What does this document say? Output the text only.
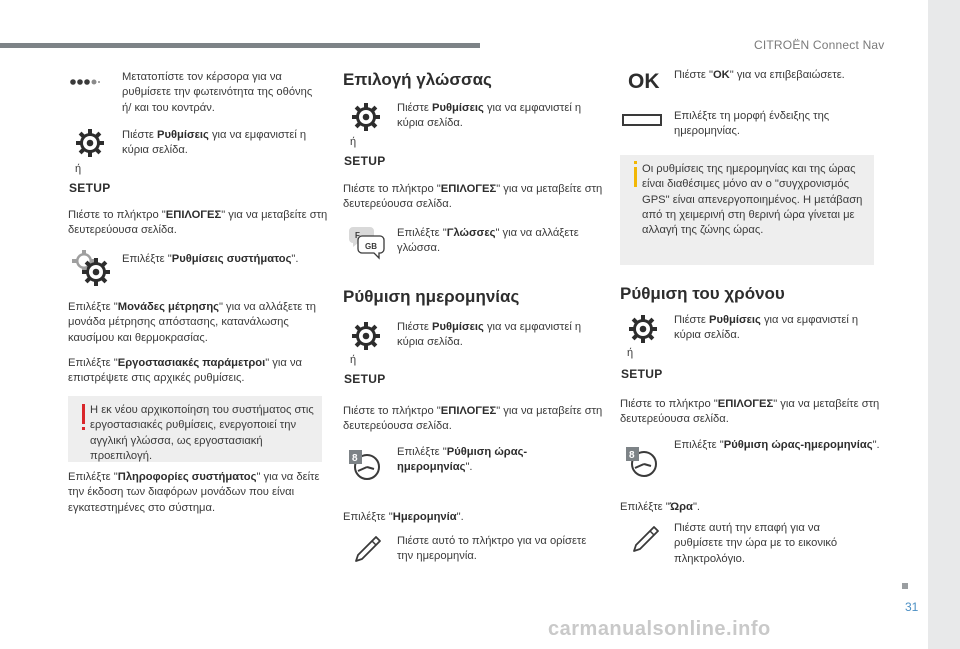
CITROËN Connect Nav
31
carmanualsonline.info
Μετατοπίστε τον κέρσορα για να ρυθμίσετε την φωτεινότητα της οθόνης ή/ και του κοντράν.
Πιέστε Ρυθμίσεις για να εμφανιστεί η κύρια σελίδα.
ή
SETUP
Πιέστε το πλήκτρο "ΕΠΙΛΟΓΕΣ" για να μεταβείτε στη δευτερεύουσα σελίδα.
Επιλέξτε "Ρυθμίσεις συστήματος".
Επιλέξτε "Μονάδες μέτρησης" για να αλλάξετε τη μονάδα μέτρησης απόστασης, κατανάλωσης καυσίμου και θερμοκρασίας.
Επιλέξτε "Εργοστασιακές παράμετροι" για να επιστρέψετε στις αρχικές ρυθμίσεις.
Η εκ νέου αρχικοποίηση του συστήματος στις εργοστασιακές ρυθμίσεις, ενεργοποιεί την αγγλική γλώσσα, ως εργοστασιακή προεπιλογή.
Επιλέξτε "Πληροφορίες συστήματος" για να δείτε την έκδοση των διαφόρων μονάδων που είναι εγκατεστημένες στο σύστημα.
Επιλογή γλώσσας
Πιέστε Ρυθμίσεις για να εμφανιστεί η κύρια σελίδα.
ή
SETUP
Πιέστε το πλήκτρο "ΕΠΙΛΟΓΕΣ" για να μεταβείτε στη δευτερεύουσα σελίδα.
F
GB
Επιλέξτε "Γλώσσες" για να αλλάξετε γλώσσα.
Ρύθμιση ημερομηνίας
Πιέστε Ρυθμίσεις για να εμφανιστεί η κύρια σελίδα.
ή
SETUP
Πιέστε το πλήκτρο "ΕΠΙΛΟΓΕΣ" για να μεταβείτε στη δευτερεύουσα σελίδα.
8
Επιλέξτε "Ρύθμιση ώρας-ημερομηνίας".
Επιλέξτε "Ημερομηνία".
Πιέστε αυτό το πλήκτρο για να ορίσετε την ημερομηνία.
OK Πιέστε "OK" για να επιβεβαιώσετε.
Επιλέξτε τη μορφή ένδειξης της ημερομηνίας.
Οι ρυθμίσεις της ημερομηνίας και της ώρας είναι διαθέσιμες μόνο αν ο "συγχρονισμός GPS" είναι απενεργοποιημένος. Η μετάβαση από τη χειμερινή στη θερινή ώρα γίνεται με αλλαγή της ζώνης ώρας.
Ρύθμιση του χρόνου
Πιέστε Ρυθμίσεις για να εμφανιστεί η κύρια σελίδα.
ή
SETUP
Πιέστε το πλήκτρο "ΕΠΙΛΟΓΕΣ" για να μεταβείτε στη δευτερεύουσα σελίδα.
8
Επιλέξτε "Ρύθμιση ώρας-ημερομηνίας".
Επιλέξτε "Ώρα".
Πιέστε αυτή την επαφή για να ρυθμίσετε την ώρα με το εικονικό πληκτρολόγιο.
